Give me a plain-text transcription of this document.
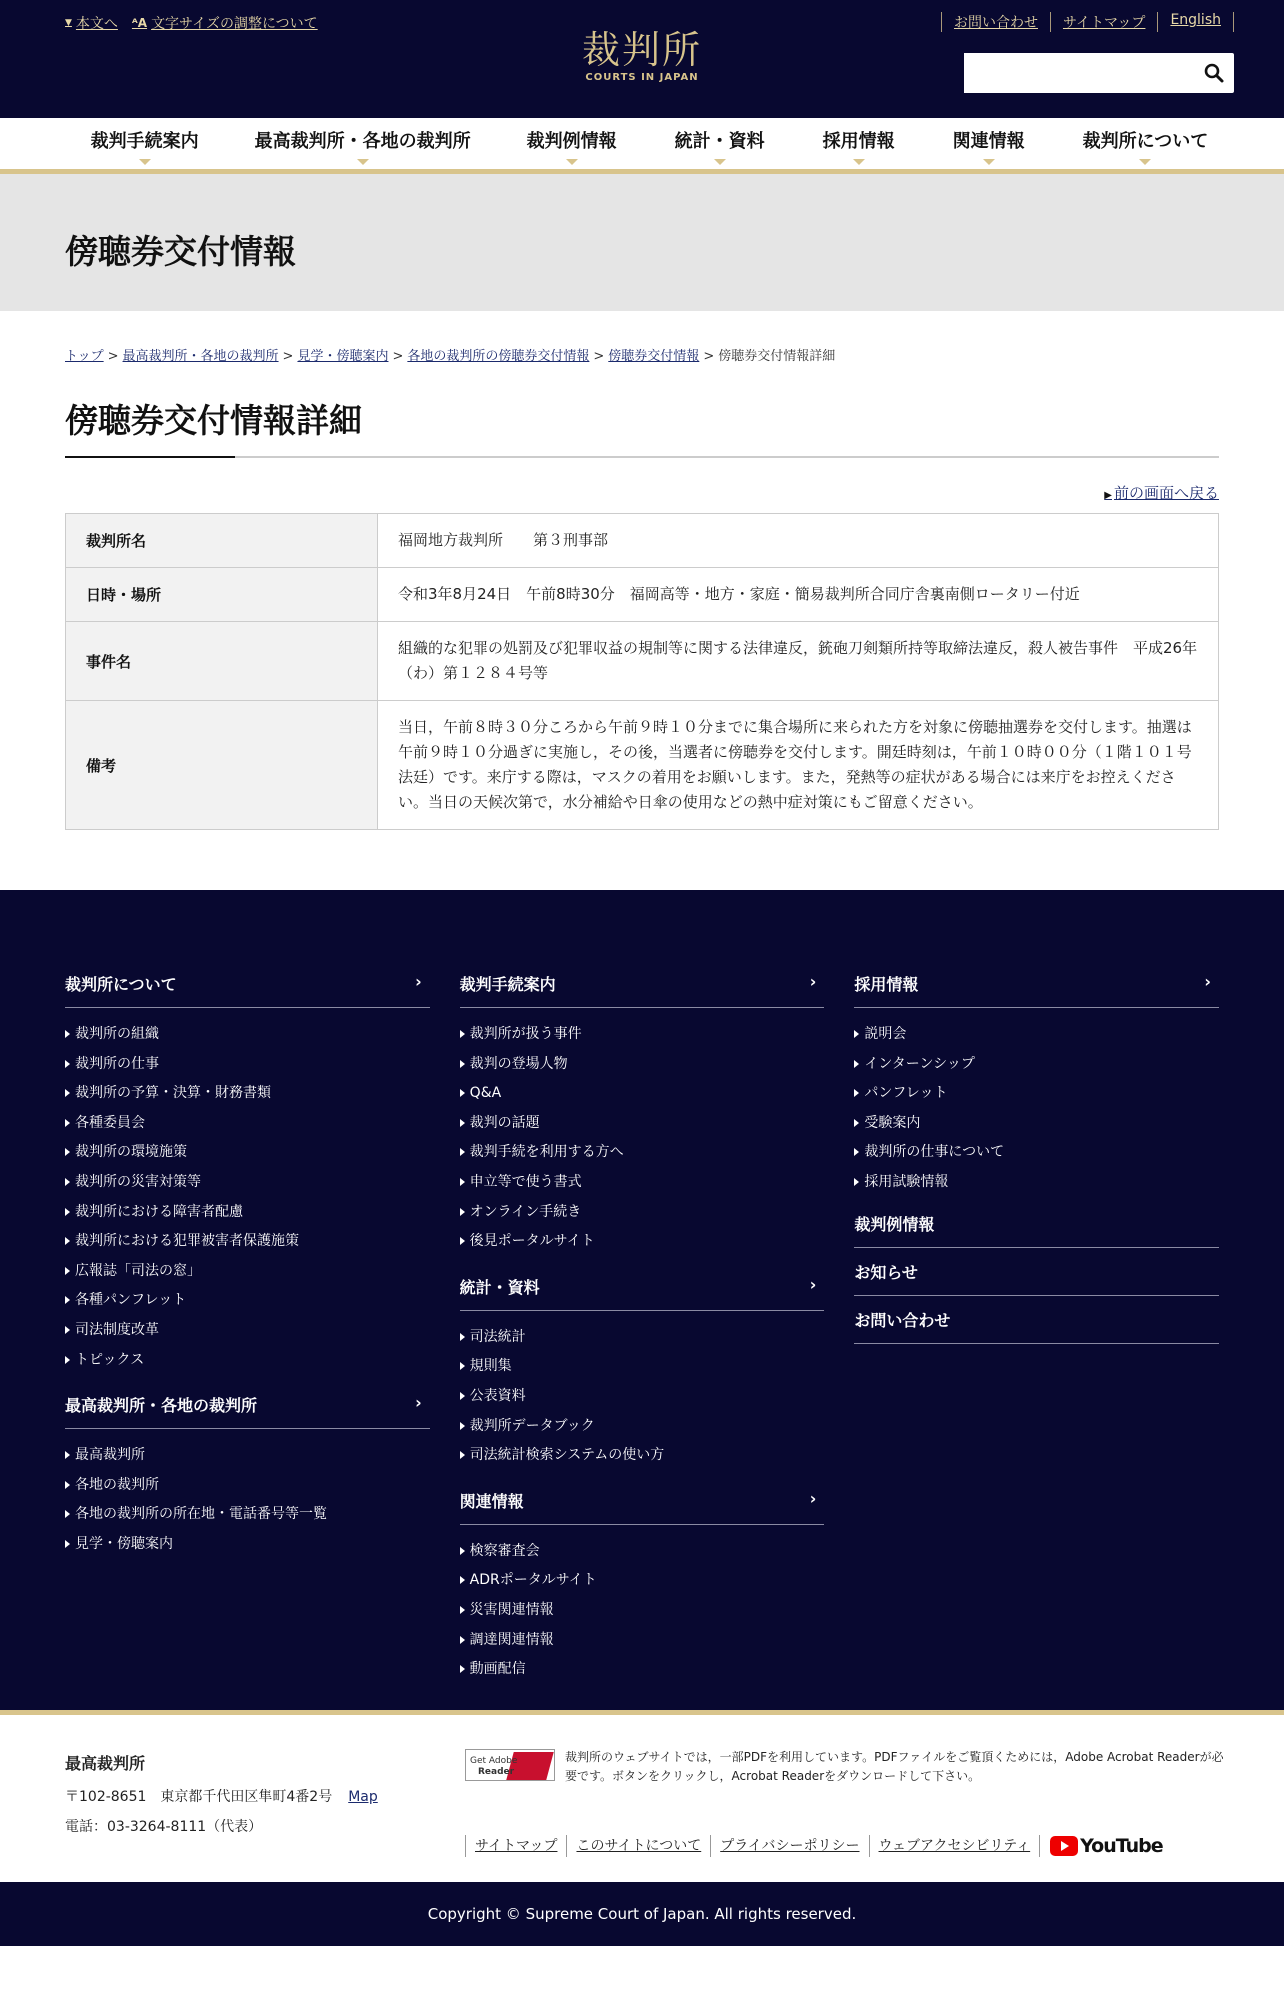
▼ 本文へ ᴬA 文字サイズの調整について
裁判所
COURTS IN JAPAN
お問い合わせ	サイトマップ	English
裁判手続案内	最高裁判所・各地の裁判所	裁判例情報	統計・資料	採用情報	関連情報	裁判所について
傍聴券交付情報
トップ > 最高裁判所・各地の裁判所 > 見学・傍聴案内 > 各地の裁判所の傍聴券交付情報 > 傍聴券交付情報 > 傍聴券交付情報詳細
傍聴券交付情報詳細
▶ 前の画面へ戻る
裁判所名	福岡地方裁判所　　第３刑事部
日時・場所	令和3年8月24日　午前8時30分　福岡高等・地方・家庭・簡易裁判所合同庁舎裏南側ロータリー付近
事件名	組織的な犯罪の処罰及び犯罪収益の規制等に関する法律違反，銃砲刀剣類所持等取締法違反，殺人被告事件　平成26年（わ）第１２８４号等
備考	当日，午前８時３０分ころから午前９時１０分までに集合場所に来られた方を対象に傍聴抽選券を交付します。抽選は午前９時１０分過ぎに実施し，その後，当選者に傍聴券を交付します。開廷時刻は，午前１０時００分（１階１０１号法廷）です。来庁する際は，マスクの着用をお願いします。また，発熱等の症状がある場合には来庁をお控えください。当日の天候次第で，水分補給や日傘の使用などの熱中症対策にもご留意ください。
裁判所について	›
裁判所の組織
裁判所の仕事
裁判所の予算・決算・財務書類
各種委員会
裁判所の環境施策
裁判所の災害対策等
裁判所における障害者配慮
裁判所における犯罪被害者保護施策
広報誌「司法の窓」
各種パンフレット
司法制度改革
トピックス
最高裁判所・各地の裁判所	›
最高裁判所
各地の裁判所
各地の裁判所の所在地・電話番号等一覧
見学・傍聴案内
裁判手続案内	›
裁判所が扱う事件
裁判の登場人物
Q&A
裁判の話題
裁判手続を利用する方へ
申立等で使う書式
オンライン手続き
後見ポータルサイト
統計・資料	›
司法統計
規則集
公表資料
裁判所データブック
司法統計検索システムの使い方
関連情報	›
検察審査会
ADRポータルサイト
災害関連情報
調達関連情報
動画配信
採用情報	›
説明会
インターンシップ
パンフレット
受験案内
裁判所の仕事について
採用試験情報
裁判例情報
お知らせ
お問い合わせ
最高裁判所
〒102-8651　東京都千代田区隼町4番2号 Map
電話：03-3264-8111（代表）
Get Adobe
Reader
裁判所のウェブサイトでは，一部PDFを利用しています。PDFファイルをご覧頂くためには，Adobe Acrobat Readerが必要です。ボタンをクリックし，Acrobat Readerをダウンロードして下さい。
サイトマップ	このサイトについて	プライバシーポリシー	ウェブアクセシビリティ	YouTube
Copyright © Supreme Court of Japan. All rights reserved.
